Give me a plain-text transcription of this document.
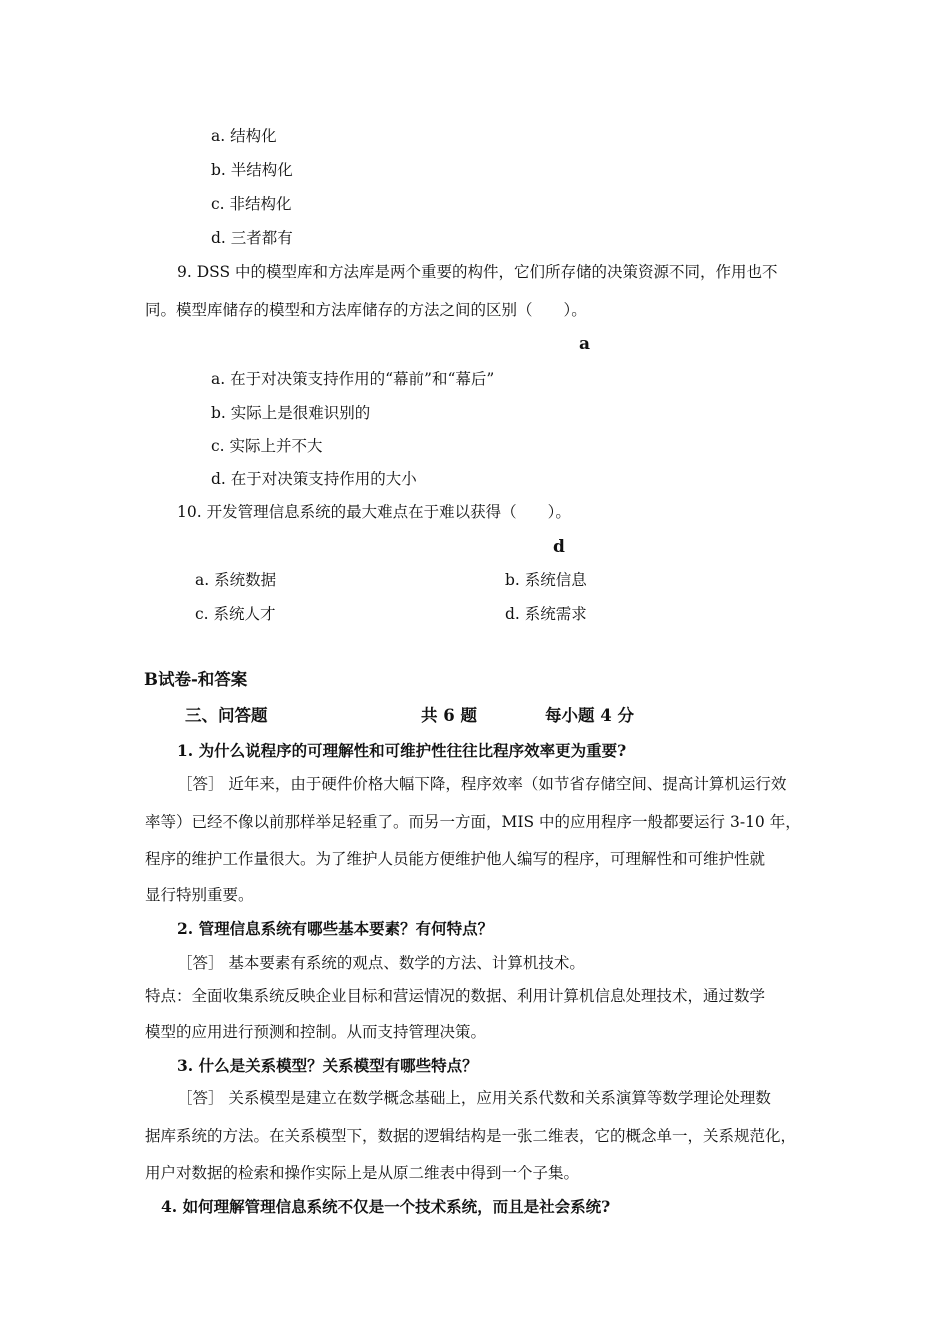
a. 结构化
b. 半结构化
c. 非结构化
d. 三者都有
9. DSS 中的模型库和方法库是两个重要的构件，它们所存储的决策资源不同，作用也不
同。模型库储存的模型和方法库储存的方法之间的区别（　　）。
a
a. 在于对决策支持作用的“幕前”和“幕后”
b. 实际上是很难识别的
c. 实际上并不大
d. 在于对决策支持作用的大小
10. 开发管理信息系统的最大难点在于难以获得（　　）。
d
a. 系统数据	b. 系统信息
c. 系统人才	d. 系统需求
B试卷-和答案
三、问答题	共 6 题	每小题 4 分
1. 为什么说程序的可理解性和可维护性往往比程序效率更为重要?
［答］ 近年来，由于硬件价格大幅下降，程序效率（如节省存储空间、提高计算机运行效
率等）已经不像以前那样举足轻重了。而另一方面，MIS 中的应用程序一般都要运行 3-10 年，
程序的维护工作量很大。为了维护人员能方便维护他人编写的程序，可理解性和可维护性就
显行特别重要。
2. 管理信息系统有哪些基本要素？有何特点？
［答］ 基本要素有系统的观点、数学的方法、计算机技术。
特点：全面收集系统反映企业目标和营运情况的数据、利用计算机信息处理技术，通过数学
模型的应用进行预测和控制。从而支持管理决策。
3. 什么是关系模型？关系模型有哪些特点？
［答］ 关系模型是建立在数学概念基础上，应用关系代数和关系演算等数学理论处理数
据库系统的方法。在关系模型下，数据的逻辑结构是一张二维表，它的概念单一，关系规范化，
用户对数据的检索和操作实际上是从原二维表中得到一个子集。
4. 如何理解管理信息系统不仅是一个技术系统，而且是社会系统?
